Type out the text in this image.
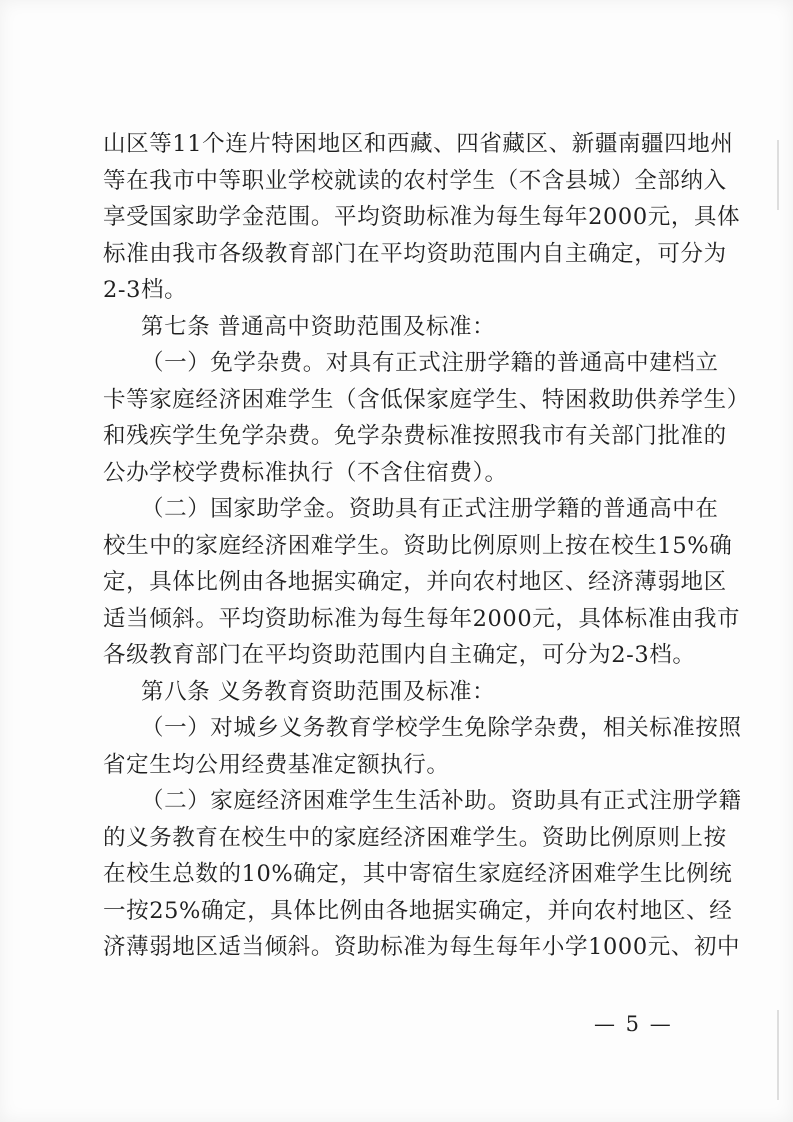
山区等11个连片特困地区和西藏、四省藏区、新疆南疆四地州
等在我市中等职业学校就读的农村学生（不含县城）全部纳入
享受国家助学金范围。平均资助标准为每生每年2000元，具体
标准由我市各级教育部门在平均资助范围内自主确定，可分为
2-3档。
第七条 普通高中资助范围及标准：
（一）免学杂费。对具有正式注册学籍的普通高中建档立
卡等家庭经济困难学生（含低保家庭学生、特困救助供养学生）
和残疾学生免学杂费。免学杂费标准按照我市有关部门批准的
公办学校学费标准执行（不含住宿费）。
（二）国家助学金。资助具有正式注册学籍的普通高中在
校生中的家庭经济困难学生。资助比例原则上按在校生15%确
定，具体比例由各地据实确定，并向农村地区、经济薄弱地区
适当倾斜。平均资助标准为每生每年2000元，具体标准由我市
各级教育部门在平均资助范围内自主确定，可分为2-3档。
第八条 义务教育资助范围及标准：
（一）对城乡义务教育学校学生免除学杂费，相关标准按照
省定生均公用经费基准定额执行。
（二）家庭经济困难学生生活补助。资助具有正式注册学籍
的义务教育在校生中的家庭经济困难学生。资助比例原则上按
在校生总数的10%确定，其中寄宿生家庭经济困难学生比例统
一按25%确定，具体比例由各地据实确定，并向农村地区、经
济薄弱地区适当倾斜。资助标准为每生每年小学1000元、初中
— 5 —
